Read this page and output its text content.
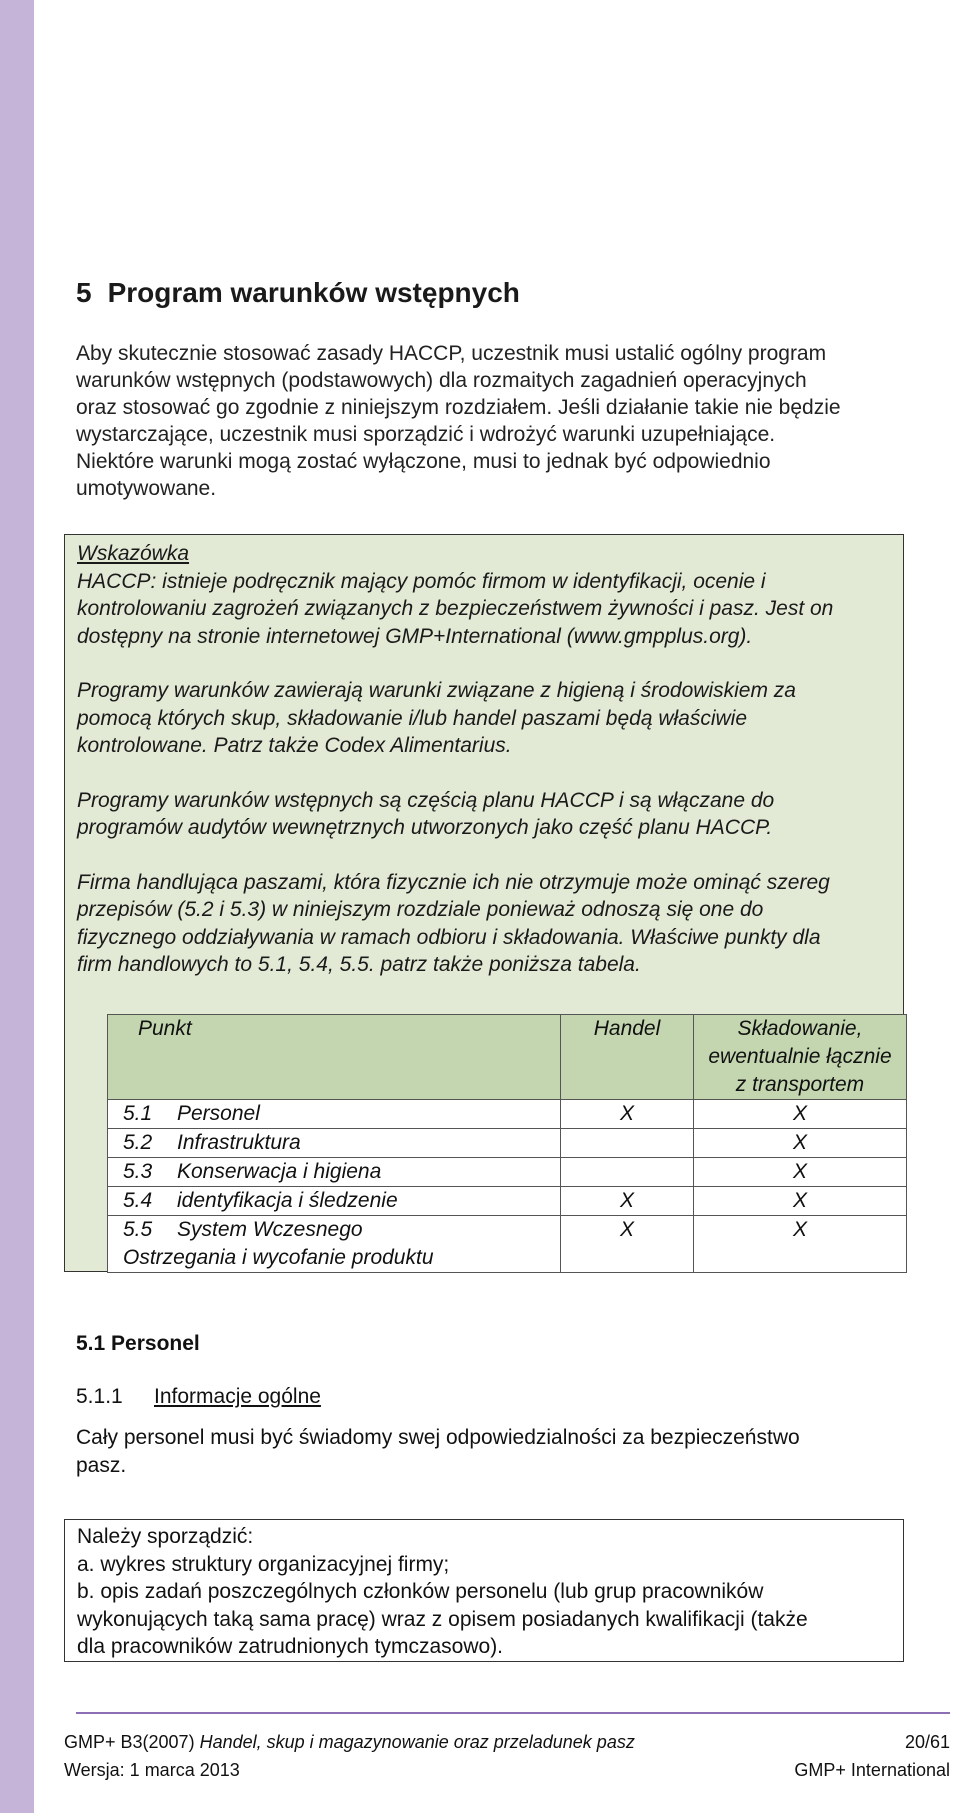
5 Program warunków wstępnych

Aby skutecznie stosować zasady HACCP, uczestnik musi ustalić ogólny program

warunków wstępnych (podstawowych) dla rozmaitych zagadnień operacyjnych

oraz stosować go zgodnie z niniejszym rozdziałem. Jeśli działanie takie nie będzie

wystarczające, uczestnik musi sporządzić i wdrożyć warunki uzupełniające.

Niektóre warunki mogą zostać wyłączone, musi to jednak być odpowiednio

umotywowane.

Wskazówka

HACCP: istnieje podręcznik mający pomóc firmom w identyfikacji, ocenie i
kontrolowaniu zagrożeń związanych z bezpieczeństwem żywności i pasz. Jest on
dostępny na stronie internetowej GMP+International (www.gmpplus.org).

Programy warunków zawierają warunki związane z higieną i środowiskiem za
pomocą których skup, składowanie i/lub handel paszami będą właściwie
kontrolowane. Patrz także Codex Alimentarius.

Programy warunków wstępnych są częścią planu HACCP i są włączane do
programów audytów wewnętrznych utworzonych jako część planu HACCP.

Firma handlująca paszami, która fizycznie ich nie otrzymuje może ominąć szereg
przepisów (5.2 i 5.3) w niniejszym rozdziale ponieważ odnoszą się one do
fizycznego oddziaływania w ramach odbioru i składowania. Właściwe punkty dla
firm handlowych to 5.1, 5.4, 5.5. patrz także poniższa tabela.

Punkt	Handel	Składowanie,
ewentualnie łącznie
z transportem
5.1 Personel	X	X
5.2 Infrastruktura		X
5.3 Konserwacja i higiena		X
5.4 identyfikacja i śledzenie	X	X
5.5 System Wczesnego
Ostrzegania i wycofanie produktu	X	X
5.1 Personel
5.1.1 Informacje ogólne
Cały personel musi być świadomy swej odpowiedzialności za bezpieczeństwo
pasz.
Należy sporządzić:
a. wykres struktury organizacyjnej firmy;
b. opis zadań poszczególnych członków personelu (lub grup pracowników
wykonujących taką sama pracę) wraz z opisem posiadanych kwalifikacji (także
dla pracowników zatrudnionych tymczasowo).
GMP+ B3(2007) Handel, skup i magazynowanie oraz przeladunek pasz	20/61
Wersja: 1 marca 2013	GMP+ International
